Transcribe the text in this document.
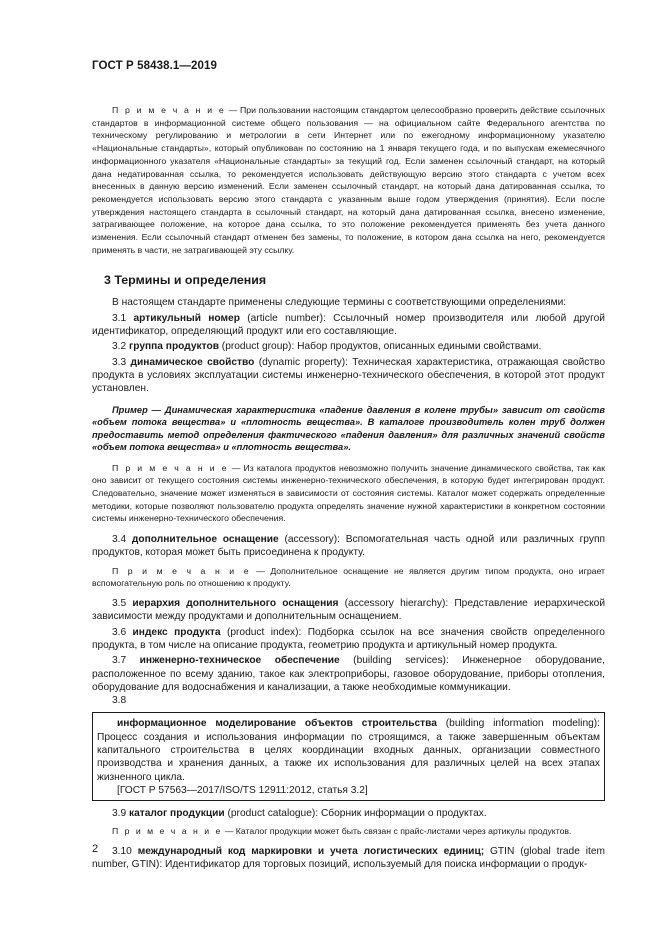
ГОСТ Р 58438.1—2019
П р и м е ч а н и е — При пользовании настоящим стандартом целесообразно проверить действие ссылочных стандартов в информационной системе общего пользования — на официальном сайте Федерального агентства по техническому регулированию и метрологии в сети Интернет или по ежегодному информационному указателю «Национальные стандарты», который опубликован по состоянию на 1 января текущего года, и по выпускам ежемесячного информационного указателя «Национальные стандарты» за текущий год. Если заменен ссылочный стандарт, на который дана недатированная ссылка, то рекомендуется использовать действующую версию этого стандарта с учетом всех внесенных в данную версию изменений. Если заменен ссылочный стандарт, на который дана датированная ссылка, то рекомендуется использовать версию этого стандарта с указанным выше годом утверждения (принятия). Если после утверждения настоящего стандарта в ссылочный стандарт, на который дана датированная ссылка, внесено изменение, затрагивающее положение, на которое дана ссылка, то это положение рекомендуется применять без учета данного изменения. Если ссылочный стандарт отменен без замены, то положение, в котором дана ссылка на него, рекомендуется применять в части, не затрагивающей эту ссылку.
3 Термины и определения

В настоящем стандарте применены следующие термины с соответствующими определениями:

3.1 артикульный номер (article number): Ссылочный номер производителя или любой другой идентификатор, определяющий продукт или его составляющие.

3.2 группа продуктов (product group): Набор продуктов, описанных едиными свойствами.

3.3 динамическое свойство (dynamic property): Техническая характеристика, отражающая свойство продукта в условиях эксплуатации системы инженерно-технического обеспечения, в которой этот продукт установлен.

Пример — Динамическая характеристика «падение давления в колене трубы» зависит от свойств «объем потока вещества» и «плотность вещества». В каталоге производитель колен труб должен предоставить метод определения фактического «падения давления» для различных значений свойств «объем потока вещества» и «плотность вещества».

П р и м е ч а н и е — Из каталога продуктов невозможно получить значение динамического свойства, так как оно зависит от текущего состояния системы инженерно-технического обеспечения, в которую будет интегрирован продукт. Следовательно, значение может изменяться в зависимости от состояния системы. Каталог может содержать определенные методики, которые позволяют пользователю продукта определять значение нужной характеристики в конкретном состоянии системы инженерно-технического обеспечения.

3.4 дополнительное оснащение (accessory): Вспомогательная часть одной или различных групп продуктов, которая может быть присоединена к продукту.

П р и м е ч а н и е — Дополнительное оснащение не является другим типом продукта, оно играет вспомогательную роль по отношению к продукту.

3.5 иерархия дополнительного оснащения (accessory hierarchy): Представление иерархической зависимости между продуктами и дополнительным оснащением.

3.6 индекс продукта (product index): Подборка ссылок на все значения свойств определенного продукта, в том числе на описание продукта, геометрию продукта и артикульный номер продукта.

3.7 инженерно-техническое обеспечение (building services): Инженерное оборудование, расположенное по всему зданию, такое как электроприборы, газовое оборудование, приборы отопления, оборудование для водоснабжения и канализации, а также необходимые коммуникации.

3.8

информационное моделирование объектов строительства (building information modeling): Процесс создания и использования информации по строящимся, а также завершенным объектам капитального строительства в целях координации входных данных, организации совместного производства и хранения данных, а также их использования для различных целей на всех этапах жизненного цикла.

[ГОСТ Р 57563—2017/ISO/TS 12911:2012, статья 3.2]

3.9 каталог продукции (product catalogue): Сборник информации о продуктах.

П р и м е ч а н и е — Каталог продукции может быть связан с прайс-листами через артикулы продуктов.

3.10 международный код маркировки и учета логистических единиц; GTIN (global trade item number, GTIN): Идентификатор для торговых позиций, используемый для поиска информации о продук-

2
